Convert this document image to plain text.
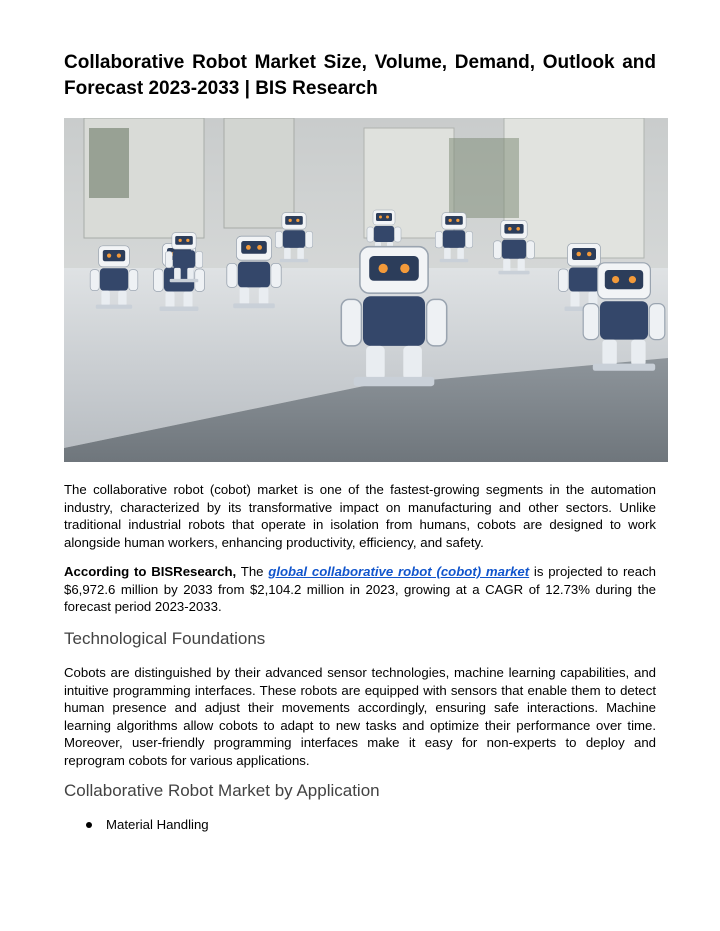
Collaborative Robot Market Size, Volume, Demand, Outlook and Forecast 2023-2033 | BIS Research

The collaborative robot (cobot) market is one of the fastest-growing segments in the automation industry, characterized by its transformative impact on manufacturing and other sectors. Unlike traditional industrial robots that operate in isolation from humans, cobots are designed to work alongside human workers, enhancing productivity, efficiency, and safety.

According to BISResearch, The global collaborative robot (cobot) market is projected to reach $6,972.6 million by 2033 from $2,104.2 million in 2023, growing at a CAGR of 12.73% during the forecast period 2023-2033.

Technological Foundations

Cobots are distinguished by their advanced sensor technologies, machine learning capabilities, and intuitive programming interfaces. These robots are equipped with sensors that enable them to detect human presence and adjust their movements accordingly, ensuring safe interactions. Machine learning algorithms allow cobots to adapt to new tasks and optimize their performance over time. Moreover, user-friendly programming interfaces make it easy for non-experts to deploy and reprogram cobots for various applications.

Collaborative Robot Market by Application
Material Handling
